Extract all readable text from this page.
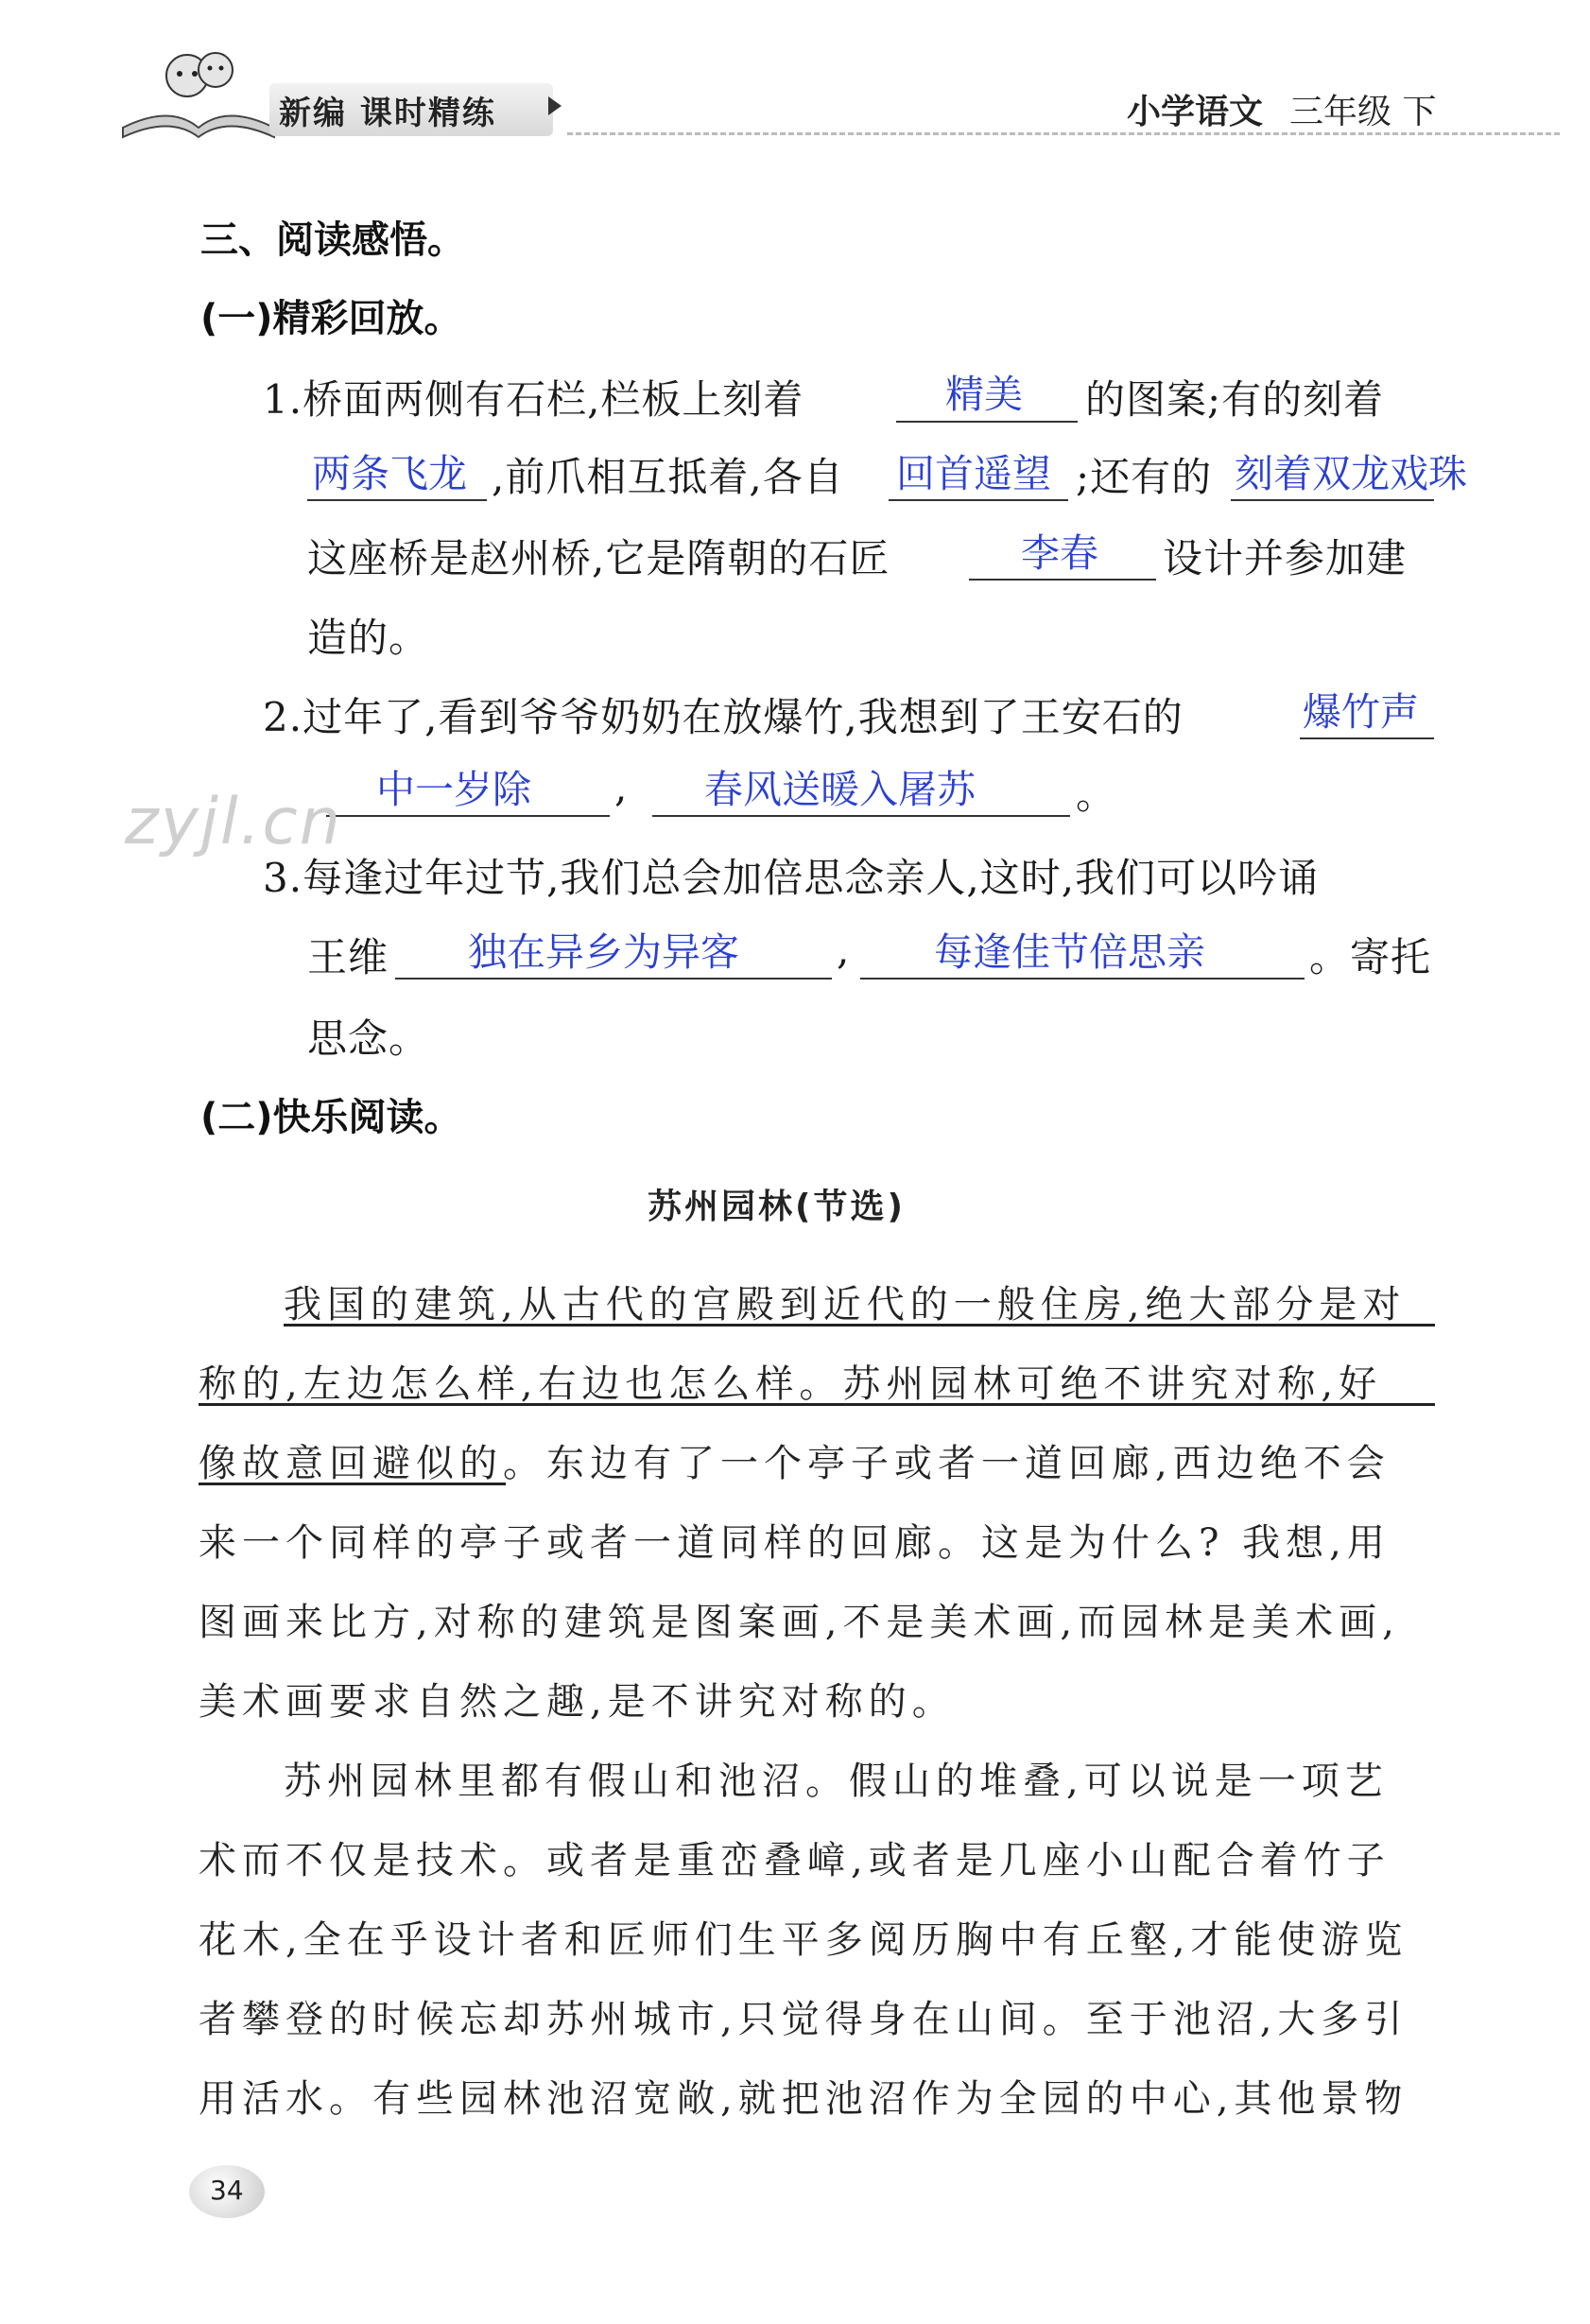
新编 课时精练	小学语文 三年级 下
三、阅读感悟。
(一)精彩回放。
1.桥面两侧有石栏,栏板上刻着	精美 的图案;有的刻着
两条飞龙 ,前爪相互抵着,各自 回首遥望 ;还有的 刻着双龙戏珠
这座桥是赵州桥,它是隋朝的石匠	李春 设计并参加建
造的。
2.过年了,看到爷爷奶奶在放爆竹,我想到了王安石的	爆竹声
中一岁除 , 春风送暖入屠苏	。
zyjl.cn
3.每逢过年过节,我们总会加倍思念亲人,这时,我们可以吟诵
王维 独在异乡为异客 , 每逢佳节倍思亲	。寄托
思念。
(二)快乐阅读。
苏州园林(节选)
我国的建筑,从古代的宫殿到近代的一般住房,绝大部分是对
称的,左边怎么样,右边也怎么样。苏州园林可绝不讲究对称,好
像故意回避似的。东边有了一个亭子或者一道回廊,西边绝不会
来一个同样的亭子或者一道同样的回廊。这是为什么? 我想,用
图画来比方,对称的建筑是图案画,不是美术画,而园林是美术画,
美术画要求自然之趣,是不讲究对称的。
苏州园林里都有假山和池沼。假山的堆叠,可以说是一项艺
术而不仅是技术。或者是重峦叠嶂,或者是几座小山配合着竹子
花木,全在乎设计者和匠师们生平多阅历胸中有丘壑,才能使游览
者攀登的时候忘却苏州城市,只觉得身在山间。至于池沼,大多引
用活水。有些园林池沼宽敞,就把池沼作为全园的中心,其他景物
34
